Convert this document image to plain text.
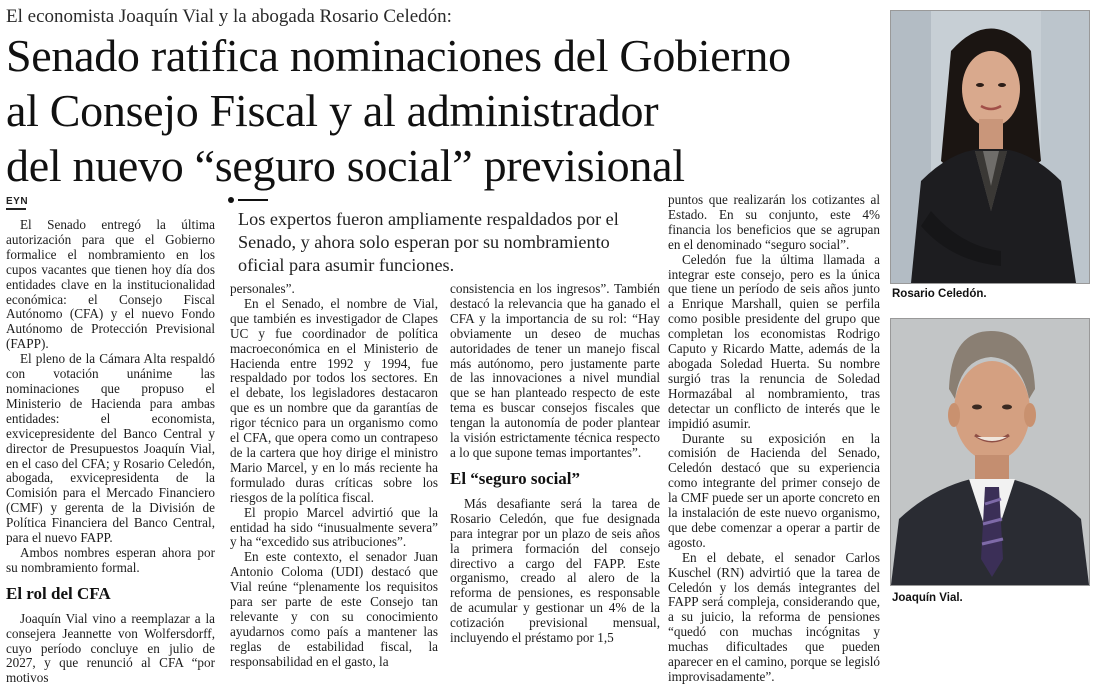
El economista Joaquín Vial y la abogada Rosario Celedón:
Senado ratifica nominaciones del Gobierno
al Consejo Fiscal y al administrador
del nuevo “seguro social” previsional
EYN

El Senado entregó la última autorización para que el Gobierno formalice el nombramiento en los cupos vacantes que tienen hoy día dos entidades clave en la institucionalidad económica: el Consejo Fiscal Autónomo (CFA) y el nuevo Fondo Autónomo de Protección Previsional (FAPP).

El pleno de la Cámara Alta respaldó con votación unánime las nominaciones que propuso el Ministerio de Hacienda para ambas entidades: el economista, exvicepresidente del Banco Central y director de Presupuestos Joaquín Vial, en el caso del CFA; y Rosario Celedón, abogada, exvicepresidenta de la Comisión para el Mercado Financiero (CMF) y gerenta de la División de Política Financiera del Banco Central, para el nuevo FAPP.

Ambos nombres esperan ahora por su nombramiento formal.

El rol del CFA

Joaquín Vial vino a reemplazar a la consejera Jeannette von Wolfersdorff, cuyo período concluye en julio de 2027, y que renunció al CFA “por motivos

Los expertos fueron ampliamente respaldados por el Senado, y ahora solo esperan por su nombramiento oficial para asumir funciones.

personales”.

En el Senado, el nombre de Vial, que también es investigador de Clapes UC y fue coordinador de política macroeconómica en el Ministerio de Hacienda entre 1992 y 1994, fue respaldado por todos los sectores. En el debate, los legisladores destacaron que es un nombre que da garantías de rigor técnico para un organismo como el CFA, que opera como un contrapeso de la cartera que hoy dirige el ministro Mario Marcel, y en lo más reciente ha formulado duras críticas sobre los riesgos de la política fiscal.

El propio Marcel advirtió que la entidad ha sido “inusualmente severa” y ha “excedido sus atribuciones”.

En este contexto, el senador Juan Antonio Coloma (UDI) destacó que Vial reúne “plenamente los requisitos para ser parte de este Consejo tan relevante y con su conocimiento ayudarnos como país a mantener las reglas de estabilidad fiscal, la responsabilidad en el gasto, la

consistencia en los ingresos”. También destacó la relevancia que ha ganado el CFA y la importancia de su rol: “Hay obviamente un deseo de muchas autoridades de tener un manejo fiscal más autónomo, pero justamente parte de las innovaciones a nivel mundial que se han planteado respecto de este tema es buscar consejos fiscales que tengan la autonomía de poder plantear la visión estrictamente técnica respecto a lo que supone temas importantes”.

El “seguro social”

Más desafiante será la tarea de Rosario Celedón, que fue designada para integrar por un plazo de seis años la primera formación del consejo directivo a cargo del FAPP. Este organismo, creado al alero de la reforma de pensiones, es responsable de acumular y gestionar un 4% de la cotización previsional mensual, incluyendo el préstamo por 1,5

puntos que realizarán los cotizantes al Estado. En su conjunto, este 4% financia los beneficios que se agrupan en el denominado “seguro social”.

Celedón fue la última llamada a integrar este consejo, pero es la única que tiene un período de seis años junto a Enrique Marshall, quien se perfila como posible presidente del grupo que completan los economistas Rodrigo Caputo y Ricardo Matte, además de la abogada Soledad Huerta. Su nombre surgió tras la renuncia de Soledad Hormazábal al nombramiento, tras detectar un conflicto de interés que le impidió asumir.

Durante su exposición en la comisión de Hacienda del Senado, Celedón destacó que su experiencia como integrante del primer consejo de la CMF puede ser un aporte concreto en la instalación de este nuevo organismo, que debe comenzar a operar a partir de agosto.

En el debate, el senador Carlos Kuschel (RN) advirtió que la tarea de Celedón y los demás integrantes del FAPP será compleja, considerando que, a su juicio, la reforma de pensiones “quedó con muchas incógnitas y muchas dificultades que pueden aparecer en el camino, porque se legisló improvisadamente”.

Rosario Celedón.
Joaquín Vial.
